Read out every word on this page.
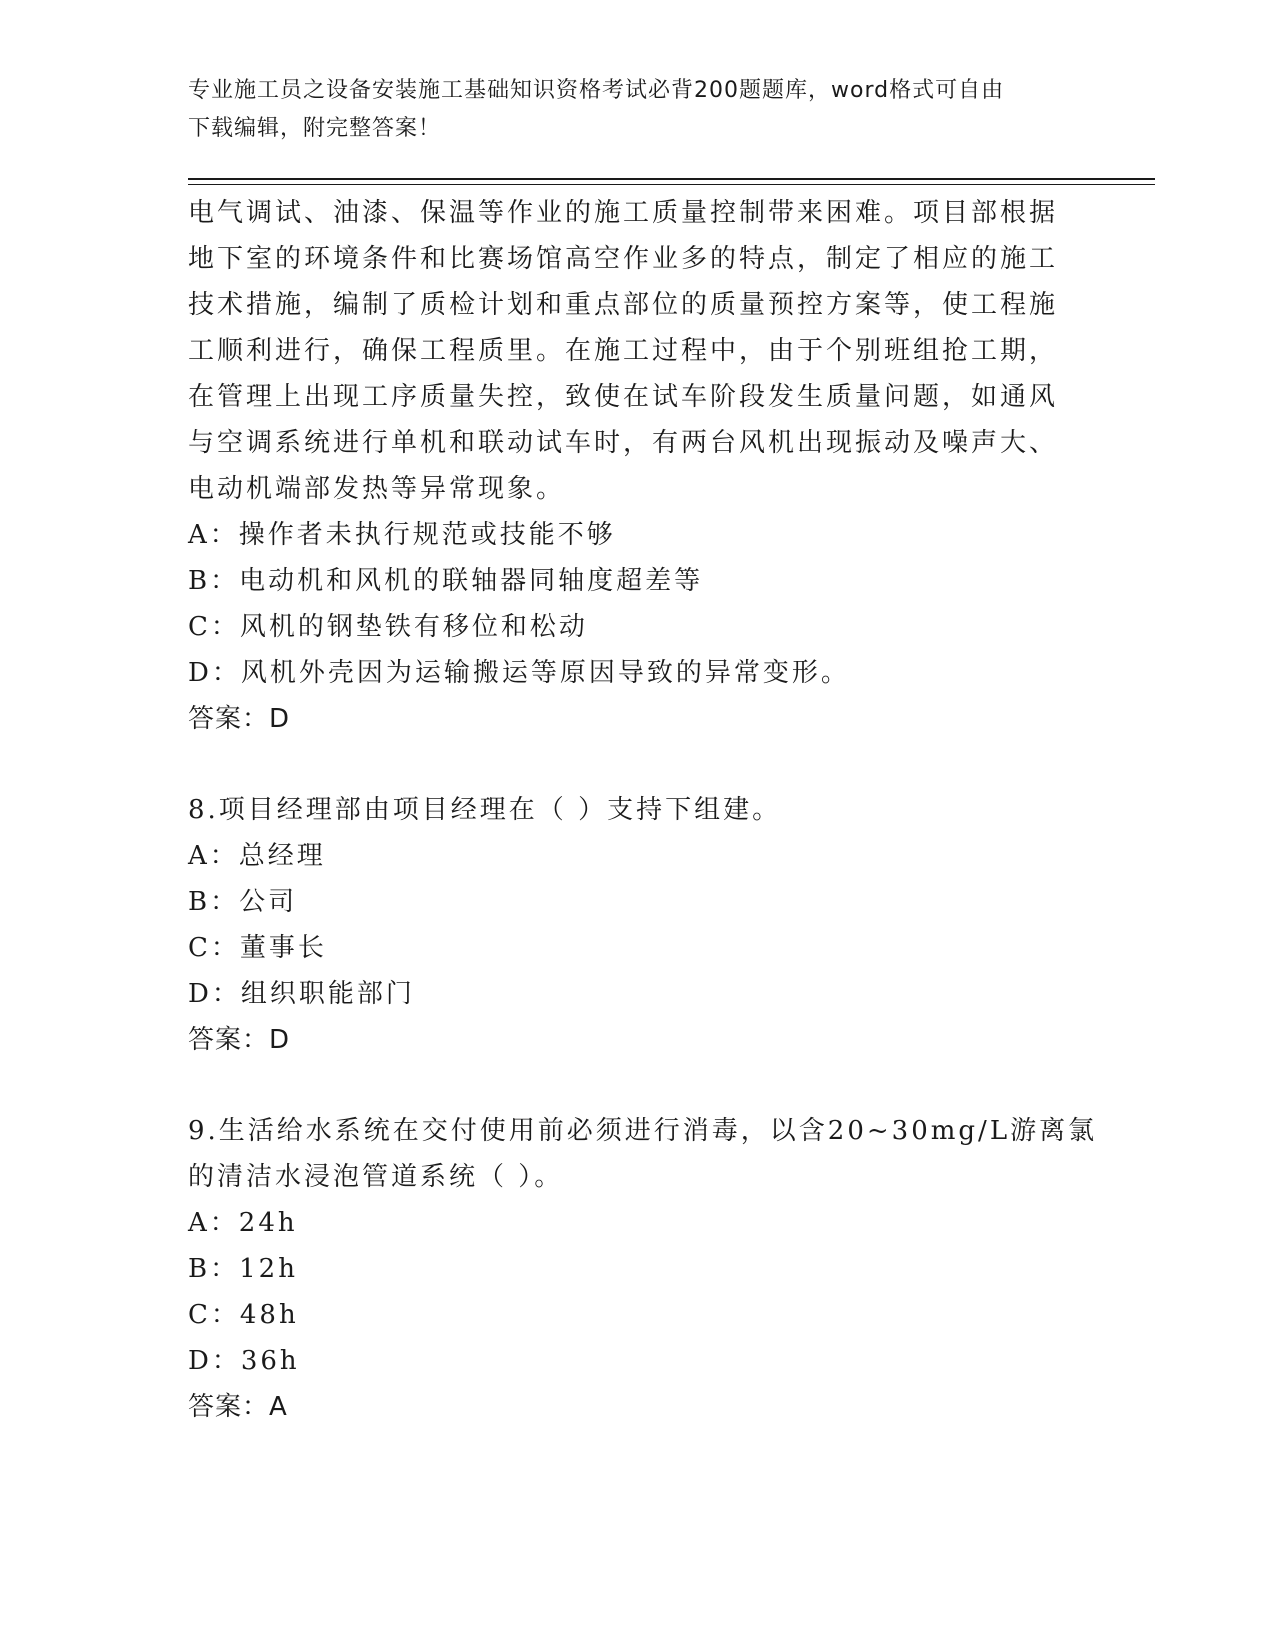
专业施工员之设备安装施工基础知识资格考试必背200题题库，word格式可自由
下载编辑，附完整答案！
电气调试、油漆、保温等作业的施工质量控制带来困难。项目部根据
地下室的环境条件和比赛场馆高空作业多的特点，制定了相应的施工
技术措施，编制了质检计划和重点部位的质量预控方案等，使工程施
工顺利进行，确保工程质里。在施工过程中，由于个别班组抢工期，
在管理上出现工序质量失控，致使在试车阶段发生质量问题，如通风
与空调系统进行单机和联动试车时，有两台风机出现振动及噪声大、
电动机端部发热等异常现象。
A：操作者未执行规范或技能不够
B：电动机和风机的联轴器同轴度超差等
C：风机的钢垫铁有移位和松动
D：风机外壳因为运输搬运等原因导致的异常变形。
答案：D
8.项目经理部由项目经理在（ ）支持下组建。
A：总经理
B：公司
C：董事长
D：组织职能部门
答案：D
9.生活给水系统在交付使用前必须进行消毒，以含20~30mg/L游离氯
的清洁水浸泡管道系统（ ）。
A：24h
B：12h
C：48h
D：36h
答案：A
